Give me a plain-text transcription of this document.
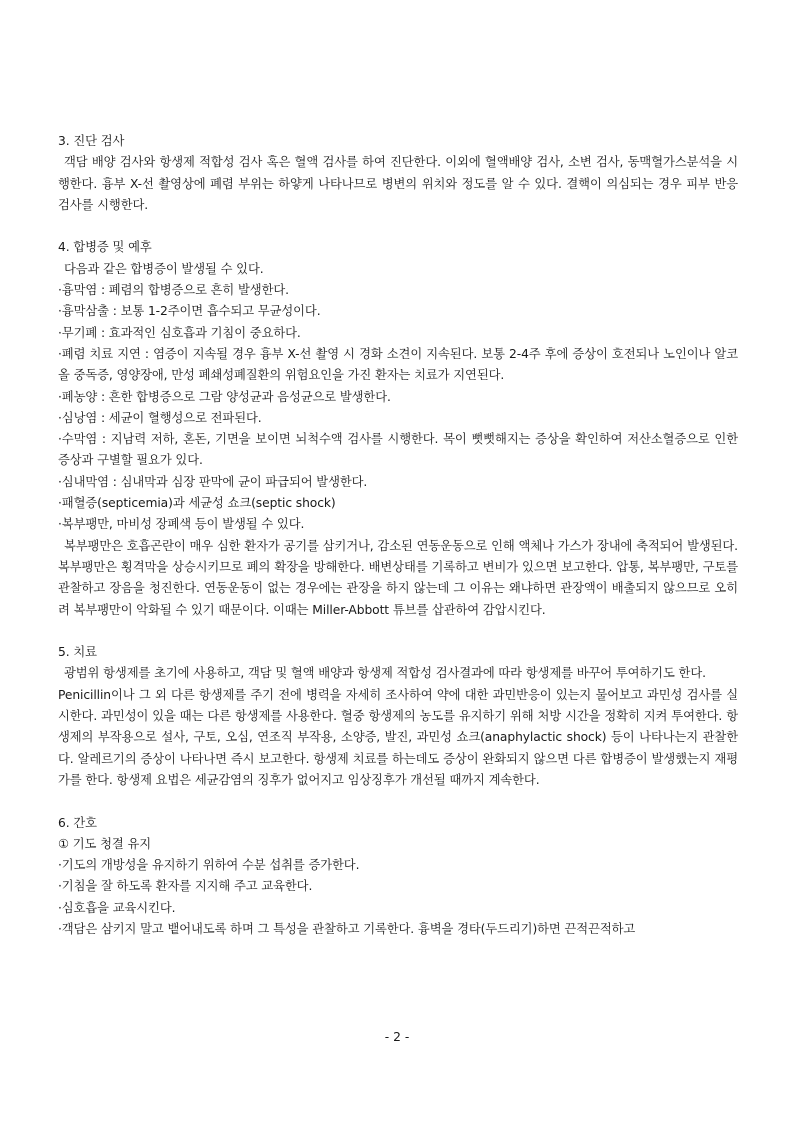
3. 진단 검사
객담 배양 검사와 항생제 적합성 검사 혹은 혈액 검사를 하여 진단한다. 이외에 혈액배양 검사, 소변 검사, 동맥혈가스분석을 시행한다. 흉부 X-선 촬영상에 폐렴 부위는 하얗게 나타나므로 병변의 위치와 정도를 알 수 있다. 결핵이 의심되는 경우 피부 반응 검사를 시행한다.
4. 합병증 및 예후
다음과 같은 합병증이 발생될 수 있다.
·흉막염 : 폐렴의 합병증으로 흔히 발생한다.
·흉막삼출 : 보통 1-2주이면 흡수되고 무균성이다.
·무기폐 : 효과적인 심호흡과 기침이 중요하다.
·폐렴 치료 지연 : 염증이 지속될 경우 흉부 X-선 촬영 시 경화 소견이 지속된다. 보통 2-4주 후에 증상이 호전되나 노인이나 알코올 중독증, 영양장애, 만성 폐쇄성폐질환의 위험요인을 가진 환자는 치료가 지연된다.
·폐농양 : 흔한 합병증으로 그람 양성균과 음성균으로 발생한다.
·심낭염 : 세균이 혈행성으로 전파된다.
·수막염 : 지남력 저하, 혼돈, 기면을 보이면 뇌척수액 검사를 시행한다. 목이 뻣뻣해지는 증상을 확인하여 저산소혈증으로 인한 증상과 구별할 필요가 있다.
·심내막염 : 심내막과 심장 판막에 균이 파급되어 발생한다.
·패혈증(septicemia)과 세균성 쇼크(septic shock)
·복부팽만, 마비성 장폐색 등이 발생될 수 있다.
복부팽만은 호흡곤란이 매우 심한 환자가 공기를 삼키거나, 감소된 연동운동으로 인해 액체나 가스가 장내에 축적되어 발생된다. 복부팽만은 횡격막을 상승시키므로 폐의 확장을 방해한다. 배변상태를 기록하고 변비가 있으면 보고한다. 압통, 복부팽만, 구토를 관찰하고 장음을 청진한다. 연동운동이 없는 경우에는 관장을 하지 않는데 그 이유는 왜냐하면 관장액이 배출되지 않으므로 오히려 복부팽만이 악화될 수 있기 때문이다. 이때는 Miller-Abbott 튜브를 삽관하여 감압시킨다.
5. 치료
광범위 항생제를 초기에 사용하고, 객담 및 혈액 배양과 항생제 적합성 검사결과에 따라 항생제를 바꾸어 투여하기도 한다.
Penicillin이나 그 외 다른 항생제를 주기 전에 병력을 자세히 조사하여 약에 대한 과민반응이 있는지 물어보고 과민성 검사를 실시한다. 과민성이 있을 때는 다른 항생제를 사용한다. 혈중 항생제의 농도를 유지하기 위해 처방 시간을 정확히 지켜 투여한다. 항생제의 부작용으로 설사, 구토, 오심, 연조직 부작용, 소양증, 발진, 과민성 쇼크(anaphylactic shock) 등이 나타나는지 관찰한다. 알레르기의 증상이 나타나면 즉시 보고한다. 항생제 치료를 하는데도 증상이 완화되지 않으면 다른 합병증이 발생했는지 재평가를 한다. 항생제 요법은 세균감염의 징후가 없어지고 임상징후가 개선될 때까지 계속한다.
6. 간호
① 기도 청결 유지
·기도의 개방성을 유지하기 위하여 수분 섭취를 증가한다.
·기침을 잘 하도록 환자를 지지해 주고 교육한다.
·심호흡을 교육시킨다.
·객담은 삼키지 말고 뱉어내도록 하며 그 특성을 관찰하고 기록한다. 흉벽을 경타(두드리기)하면 끈적끈적하고
- 2 -
